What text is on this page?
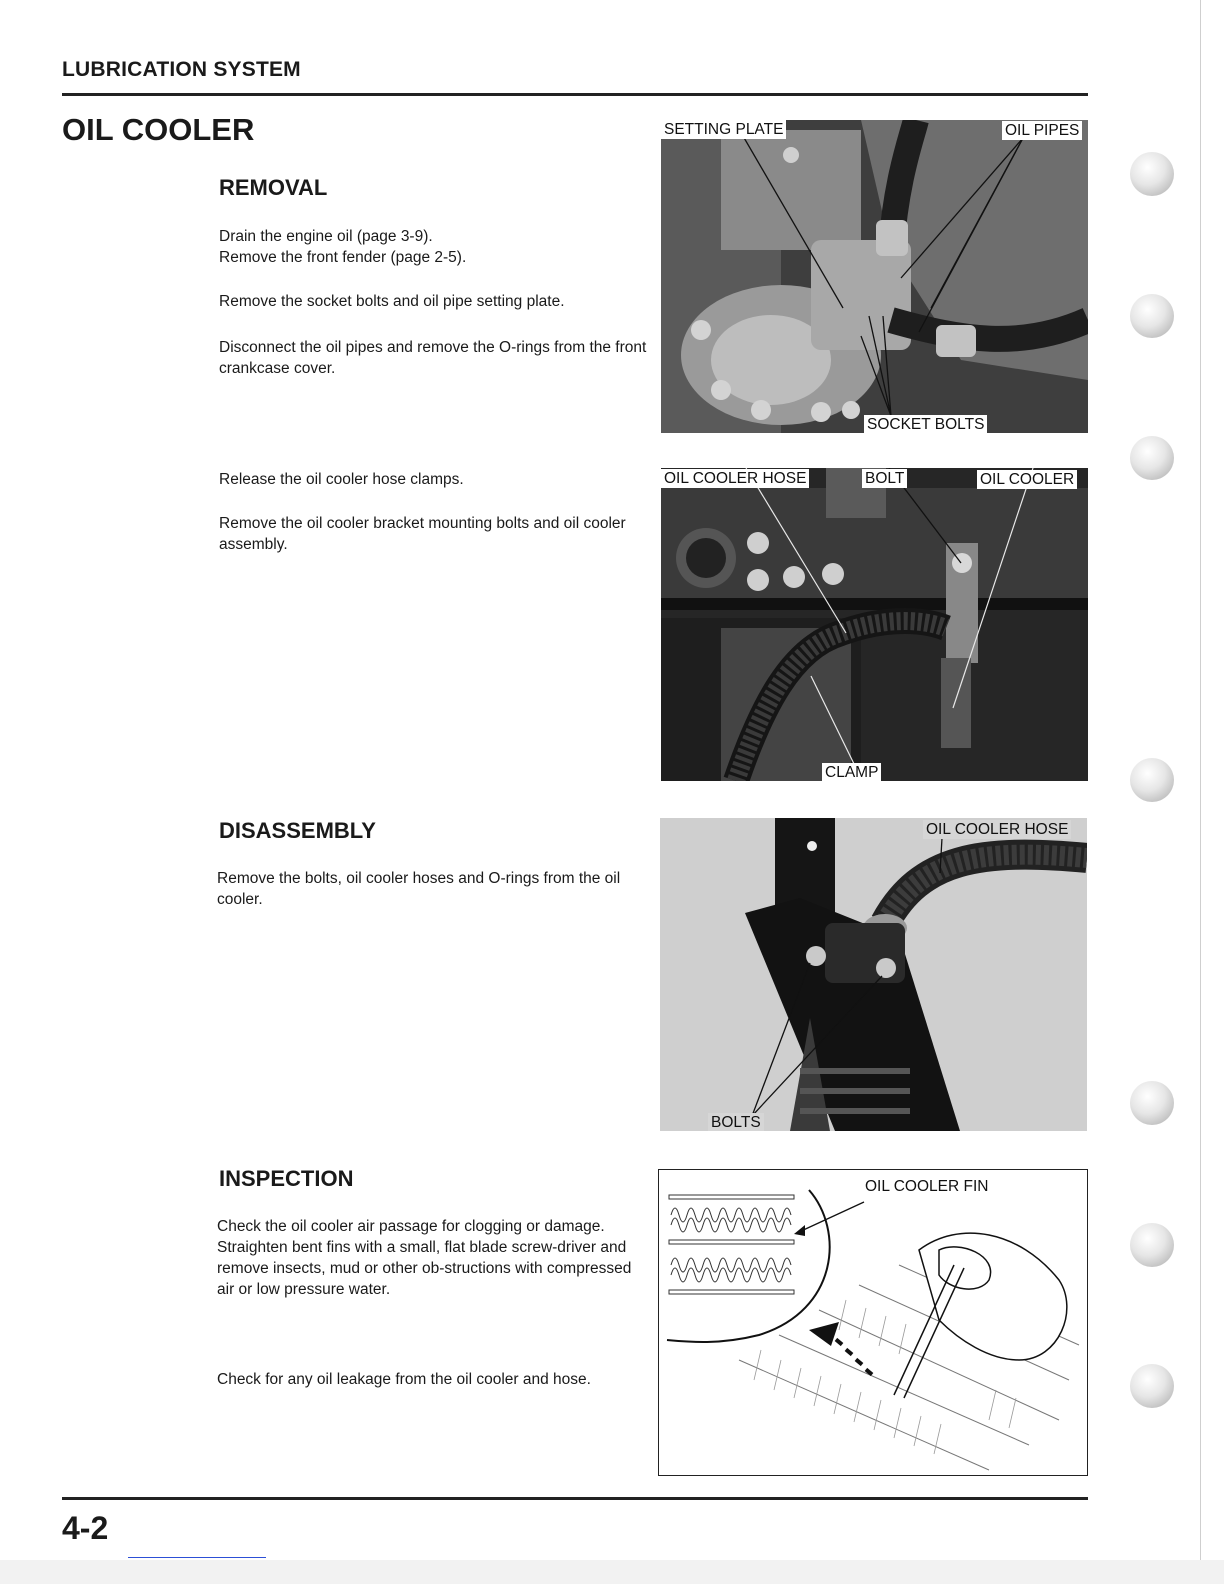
LUBRICATION SYSTEM
OIL COOLER
REMOVAL
Drain the engine oil (page 3-9).
Remove the front fender (page 2-5).
Remove the socket bolts and oil pipe setting plate.
Disconnect the oil pipes and remove the O-rings from the front crankcase cover.
Release the oil cooler hose clamps.
Remove the oil cooler bracket mounting bolts and oil cooler assembly.
DISASSEMBLY
Remove the bolts, oil cooler hoses and O-rings from the oil cooler.
INSPECTION
Check the oil cooler air passage for clogging or damage.
Straighten bent fins with a small, flat blade screw-driver and remove insects, mud or other ob-structions with compressed air or low pressure water.
Check for any oil leakage from the oil cooler and hose.
SETTING PLATE	OIL PIPES
SOCKET BOLTS
OIL COOLER HOSE	BOLT	OIL COOLER
CLAMP
OIL COOLER HOSE
BOLTS
OIL COOLER FIN
4-2
